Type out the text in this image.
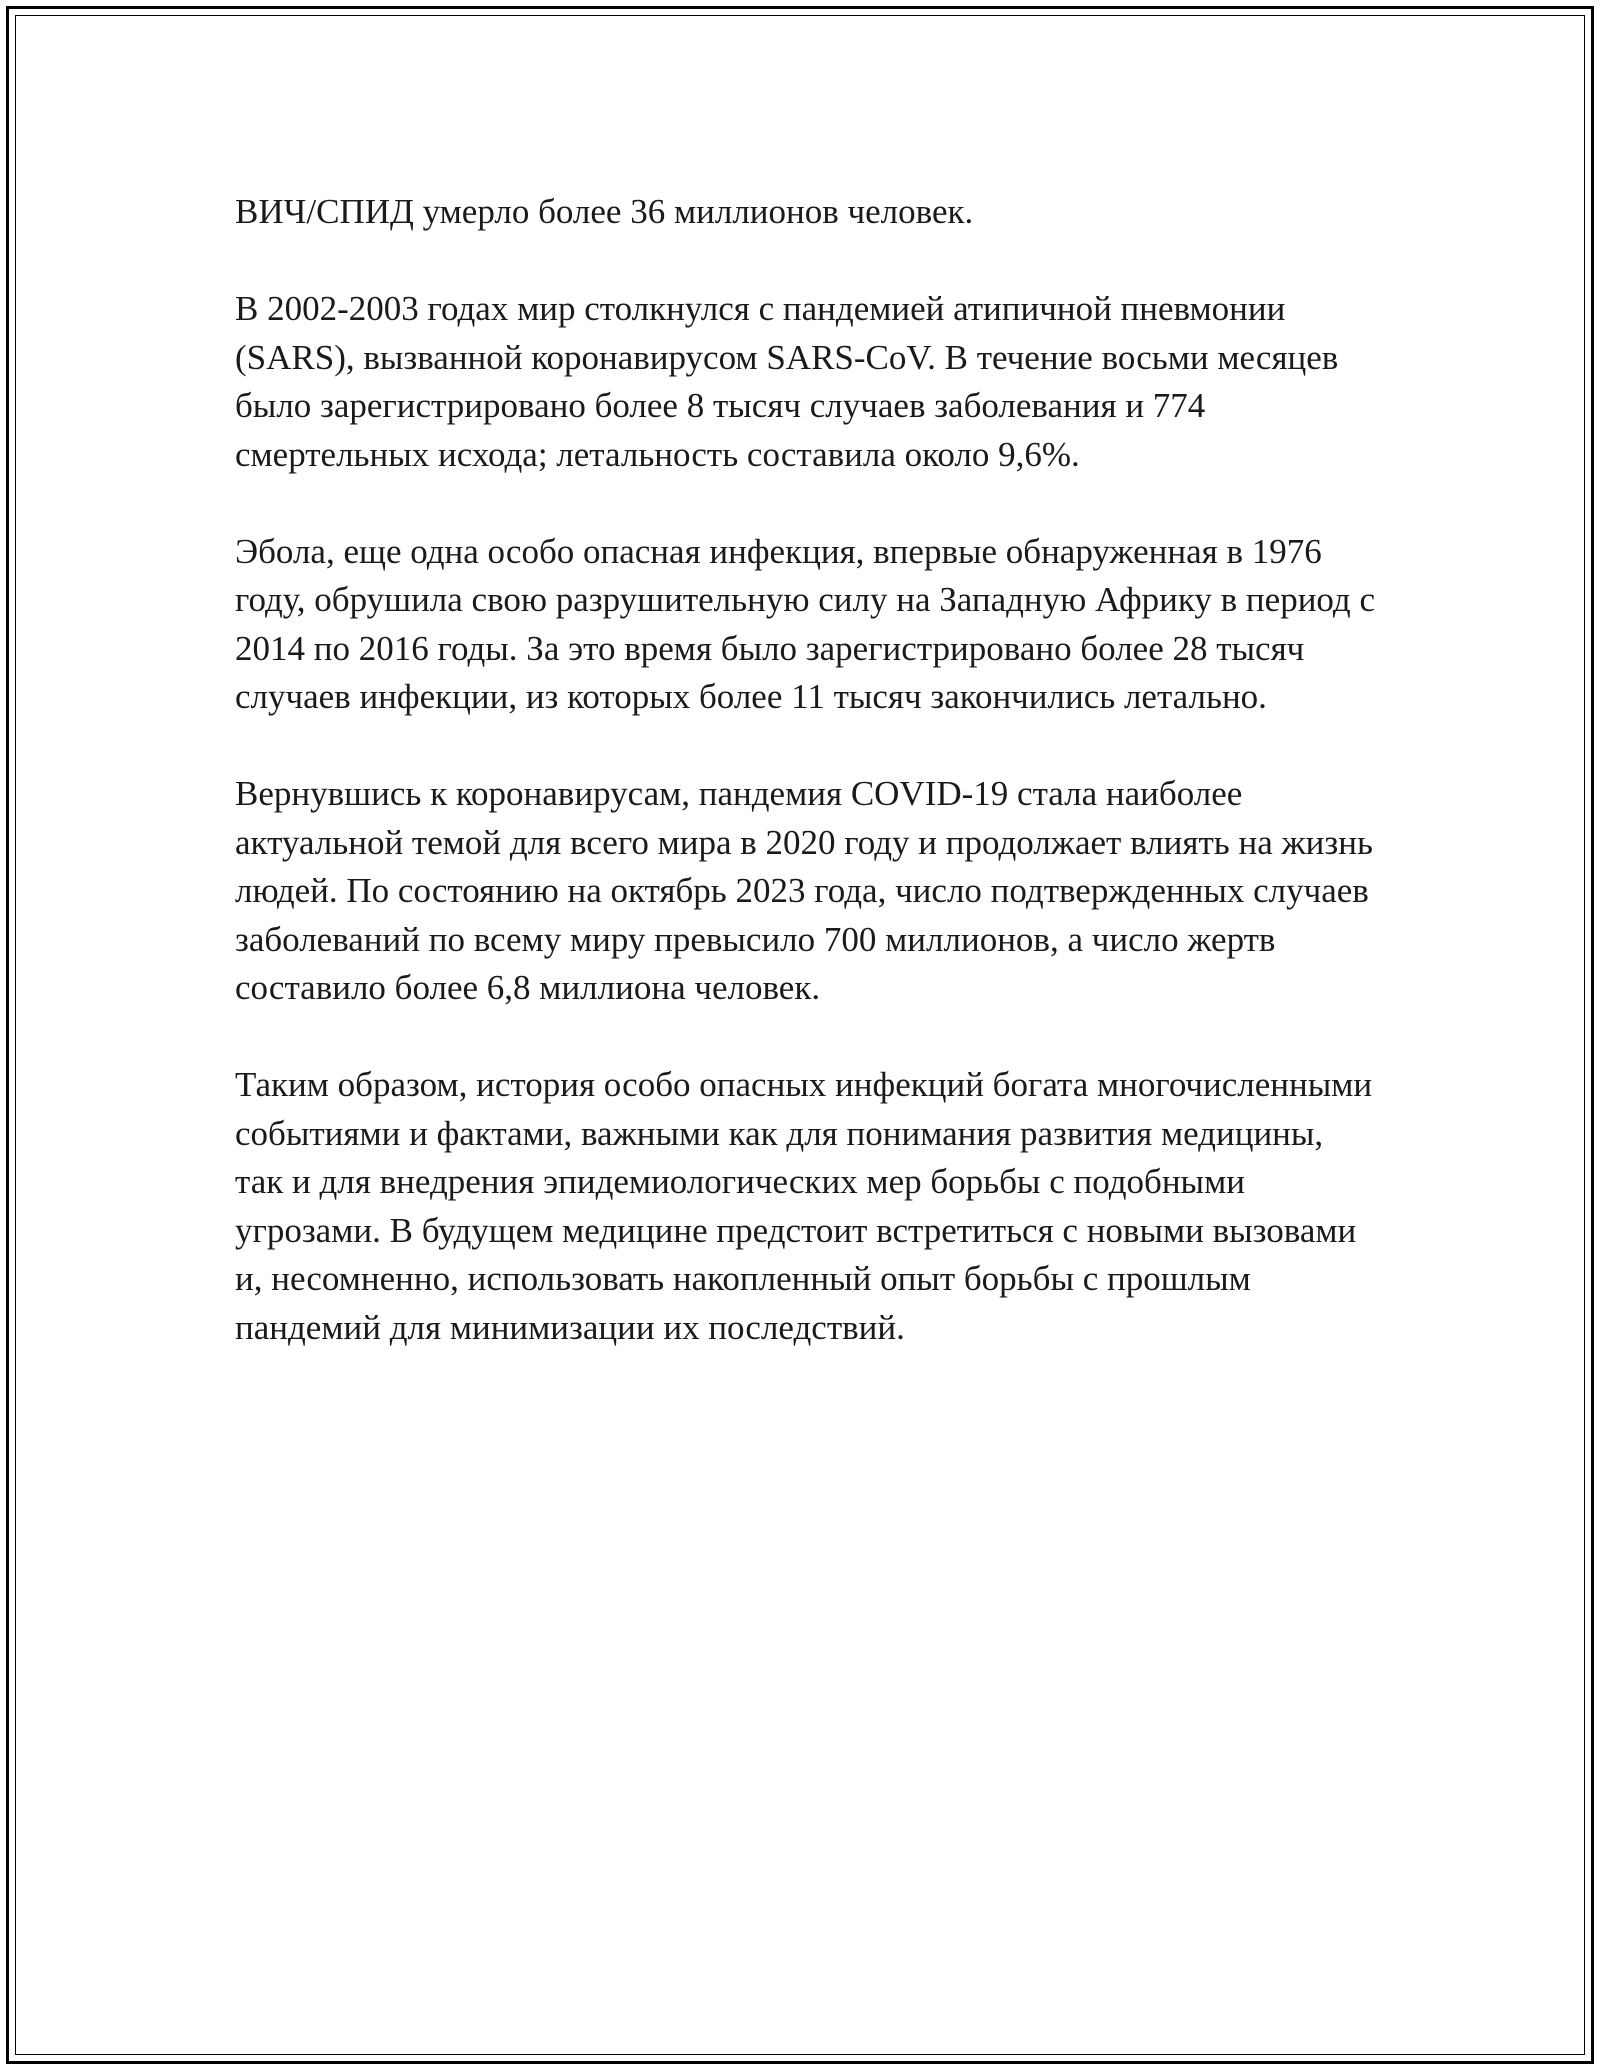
ВИЧ/СПИД умерло более 36 миллионов человек.

В 2002-2003 годах мир столкнулся с пандемией атипичной пневмонии (SARS), вызванной коронавирусом SARS-CoV. В течение восьми месяцев было зарегистрировано более 8 тысяч случаев заболевания и 774 смертельных исхода; летальность составила около 9,6%.

Эбола, еще одна особо опасная инфекция, впервые обнаруженная в 1976 году, обрушила свою разрушительную силу на Западную Африку в период с 2014 по 2016 годы. За это время было зарегистрировано более 28 тысяч случаев инфекции, из которых более 11 тысяч закончились летально.

Вернувшись к коронавирусам, пандемия COVID-19 стала наиболее актуальной темой для всего мира в 2020 году и продолжает влиять на жизнь людей. По состоянию на октябрь 2023 года, число подтвержденных случаев заболеваний по всему миру превысило 700 миллионов, а число жертв составило более 6,8 миллиона человек.

Таким образом, история особо опасных инфекций богата многочисленными событиями и фактами, важными как для понимания развития медицины, так и для внедрения эпидемиологических мер борьбы с подобными угрозами. В будущем медицине предстоит встретиться с новыми вызовами и, несомненно, использовать накопленный опыт борьбы с прошлым пандемий для минимизации их последствий.
